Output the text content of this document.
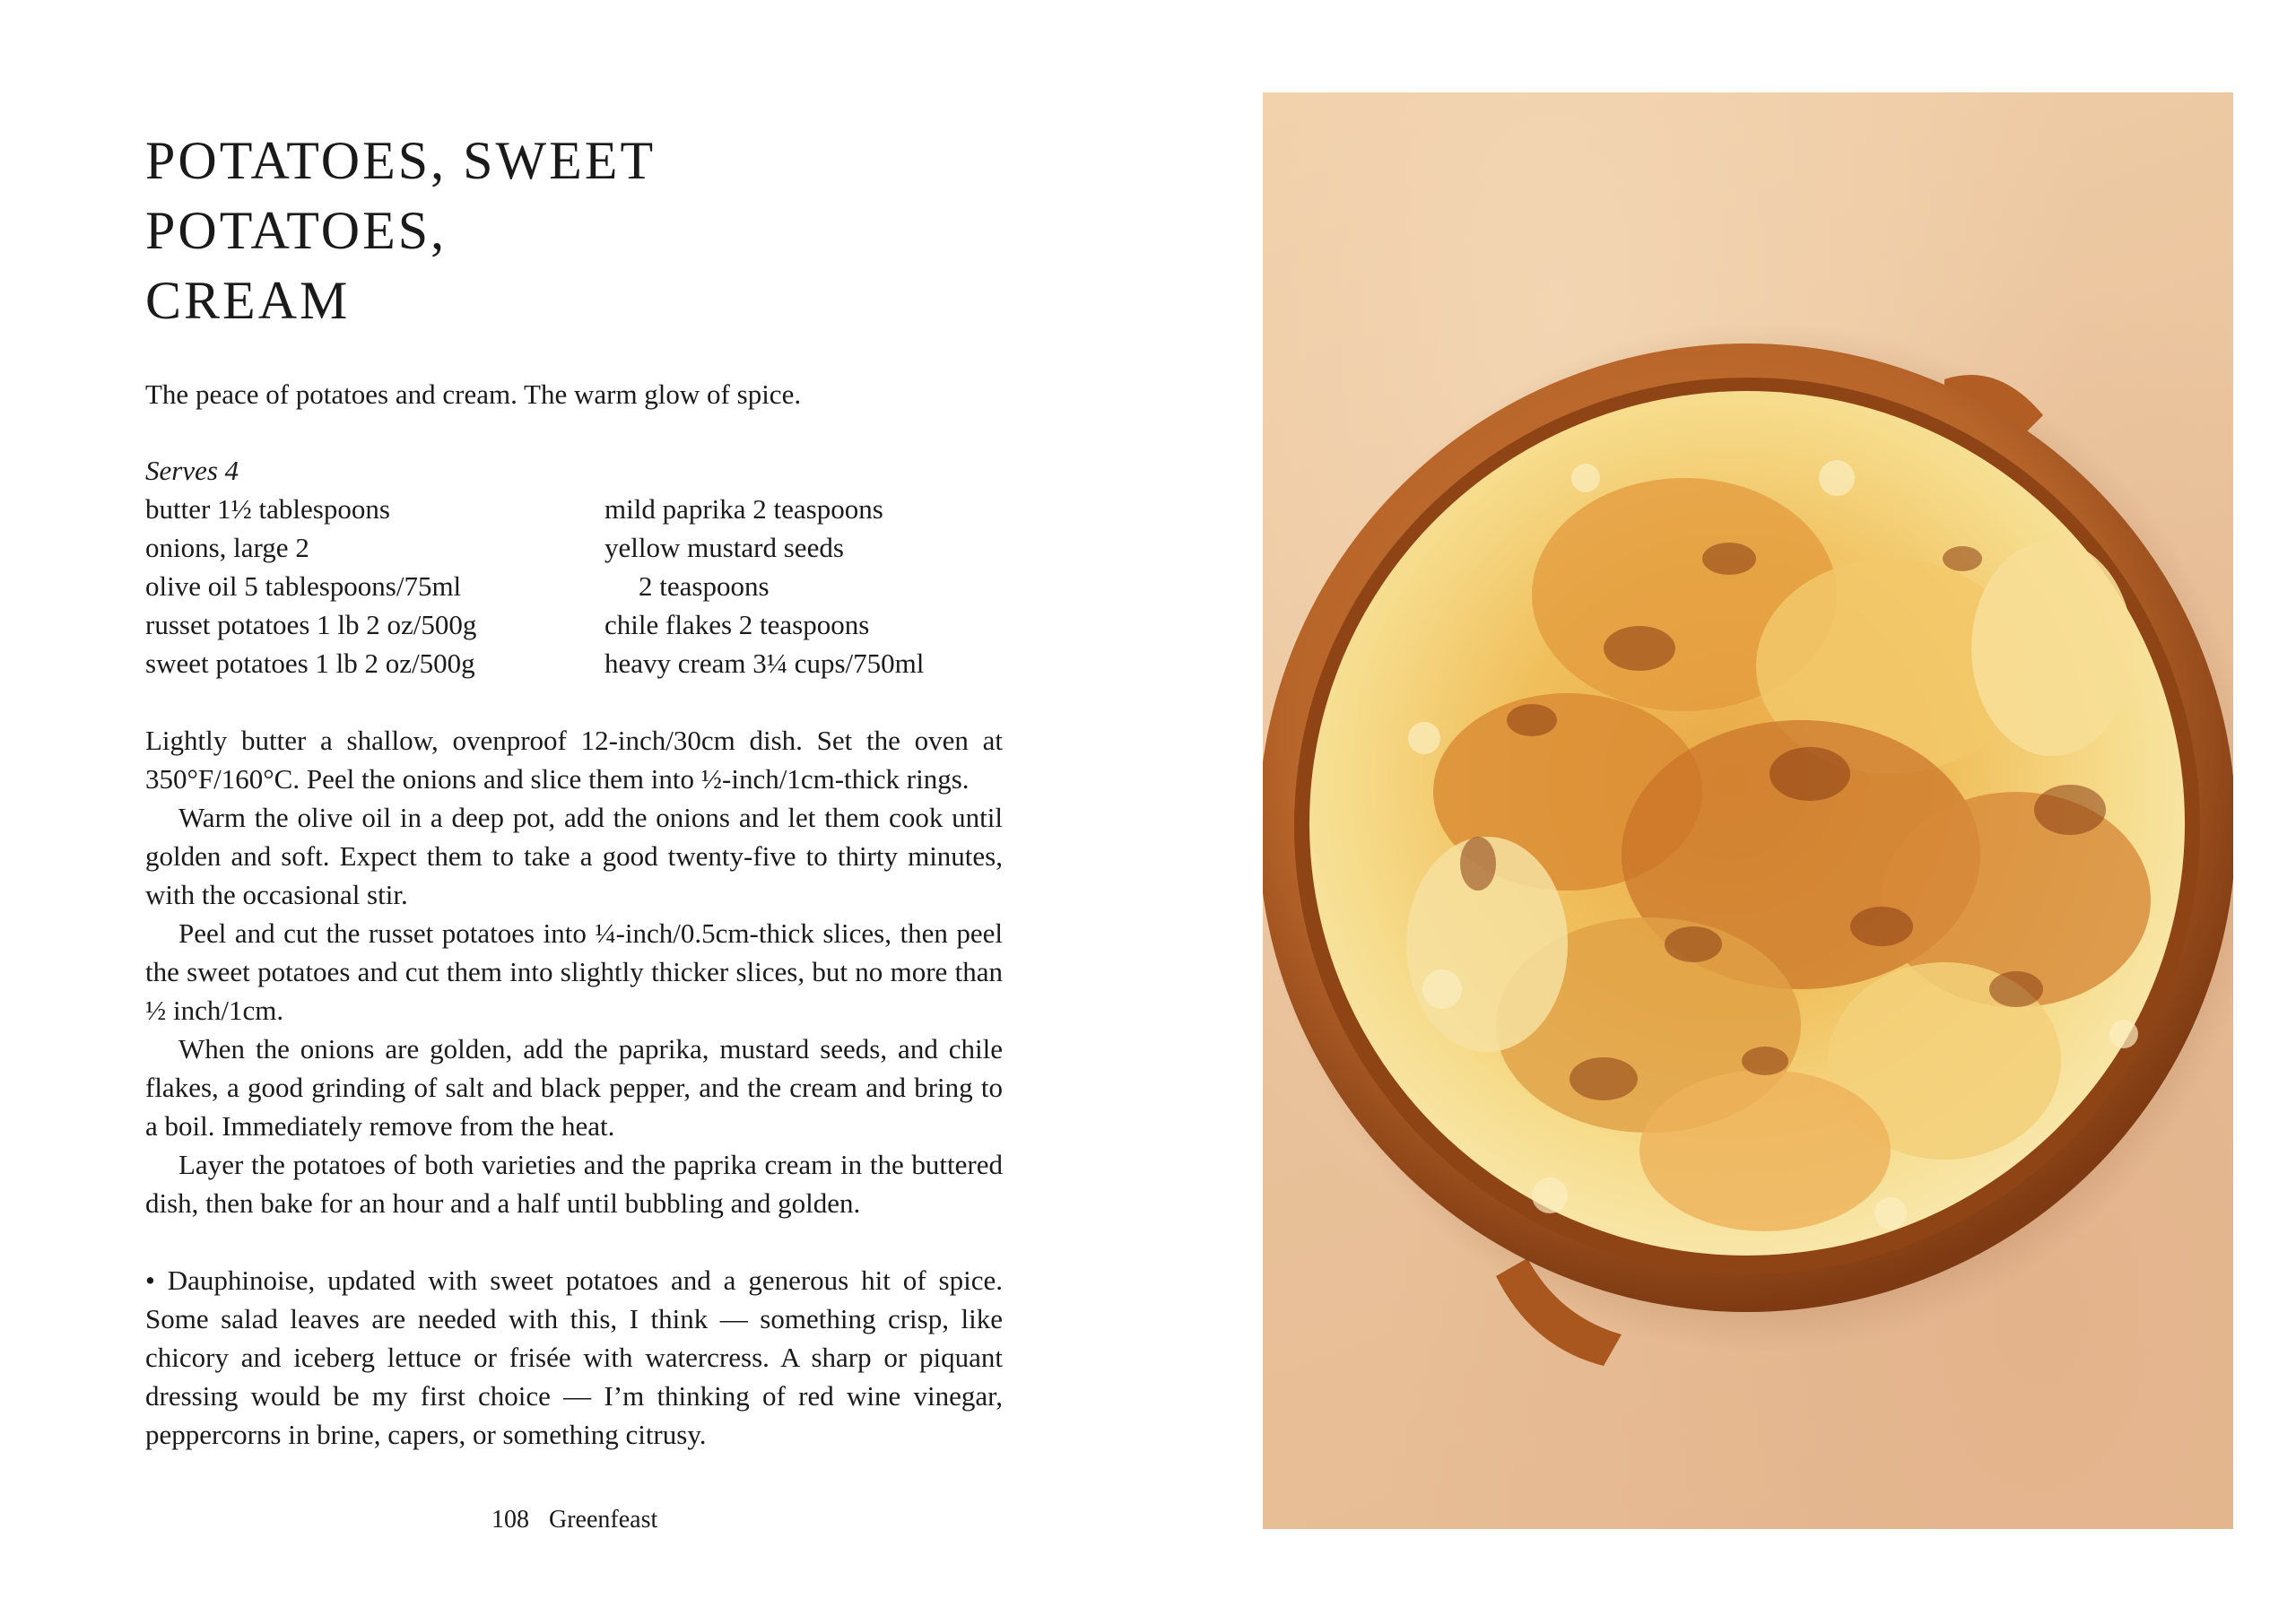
POTATOES, SWEET POTATOES,
CREAM
The peace of potatoes and cream. The warm glow of spice.
Serves 4
butter 1½ tablespoons
onions, large 2
olive oil 5 tablespoons/75ml
russet potatoes 1 lb 2 oz/500g
sweet potatoes 1 lb 2 oz/500g
mild paprika 2 teaspoons
yellow mustard seeds
2 teaspoons
chile flakes 2 teaspoons
heavy cream 3¼ cups/750ml

Lightly butter a shallow, ovenproof 12-inch/30cm dish. Set the oven at 350°F/160°C. Peel the onions and slice them into ½-inch/1cm-thick rings.

Warm the olive oil in a deep pot, add the onions and let them cook until golden and soft. Expect them to take a good twenty-five to thirty minutes, with the occasional stir.

Peel and cut the russet potatoes into ¼-inch/0.5cm-thick slices, then peel the sweet potatoes and cut them into slightly thicker slices, but no more than ½ inch/1cm.

When the onions are golden, add the paprika, mustard seeds, and chile flakes, a good grinding of salt and black pepper, and the cream and bring to a boil. Immediately remove from the heat.

Layer the potatoes of both varieties and the paprika cream in the buttered dish, then bake for an hour and a half until bubbling and golden.

• Dauphinoise, updated with sweet potatoes and a generous hit of spice. Some salad leaves are needed with this, I think — something crisp, like chicory and iceberg lettuce or frisée with watercress. A sharp or piquant dressing would be my first choice — I’m thinking of red wine vinegar, peppercorns in brine, capers, or something citrusy.
108 Greenfeast
